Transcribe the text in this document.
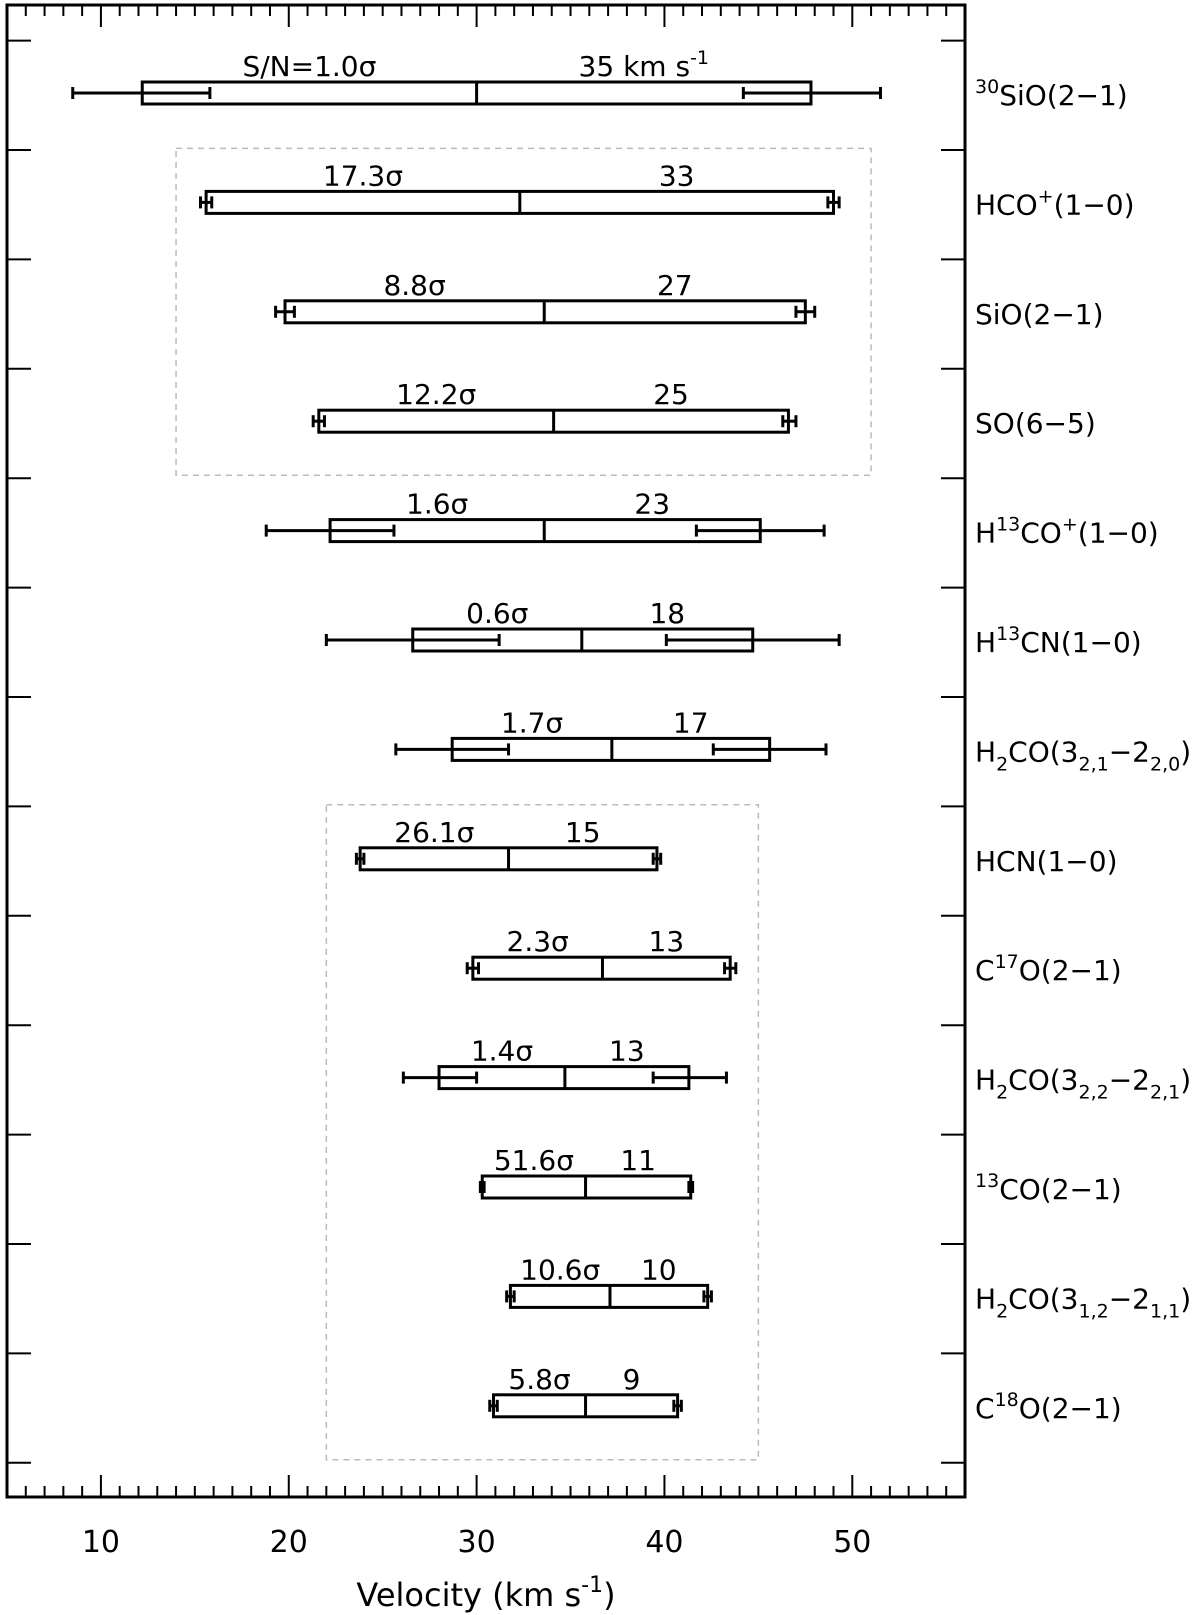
10	20	30	40	50
S/N=1.0σ	35 km $s^{-1}$
17.3σ	33
8.8σ	27
12.2σ	25
1.6σ	23
0.6σ	18
1.7σ	17
26.1σ	15
2.3σ	13
1.4σ	13
51.6σ 11
10.6σ 10
5.8σ 9
$^{30}$SiO(2−1)
HCO+(1−0)
SiO(2−1)
SO(6−5)
$H^{13}CO^+(1-0)$
$H^{13}CN(1-0)$
$H_2CO(3_{2,1}-2_{2,0})$
HCN(1−0)
$C^{17}O(2-1)$
$H_2CO(3_{2,2}-2_{2,1})$
$^{13}$CO(2−1)
$H_2CO(3_{1,2}-2_{1,1})$
$C^{18}O(2-1)$
Velocity (km $s^{-1}$)
